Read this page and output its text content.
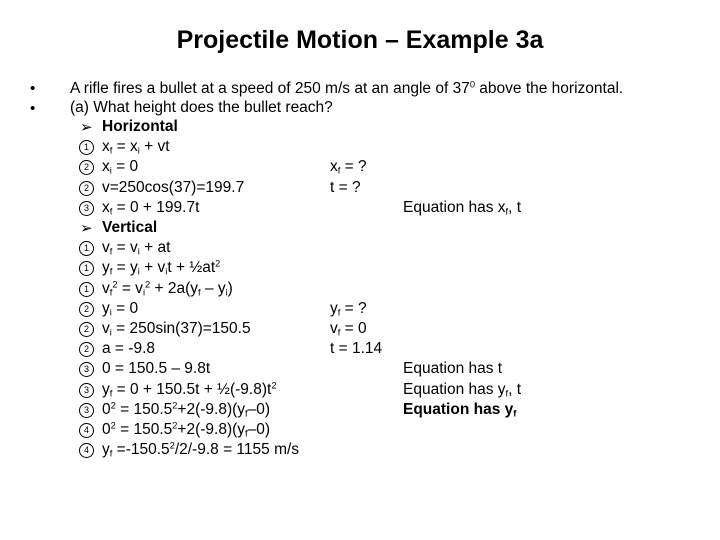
Projectile Motion – Example 3a
• A rifle fires a bullet at a speed of 250 m/s at an angle of $37^0$ above the horizontal.
• (a) What height does the bullet reach?
➢ Horizontal
1 $x_f = x_i$ + vt
2 $x_i = 0$	$x_f$ = ?
2 v=250cos(37)=199.7	t = ?
3 $x_f = 0 + 199.7t$	Equation has $x_f$, t
➢ Vertical
1 $v_f = v_i$ + at
1 $y_f = y_i + v_it$ + $\frac{1}{2}at^2$
1 $v_f^2 = v_i^2 + 2a(y_f - y_i)$
2 $y_i = 0$	$y_f$ = ?
2 $v_i = 250\sin(37)=150.5$	$v_f = 0$
2 a = -9.8	t = 1.14
3 0 = 150.5 – 9.8t	Equation has t
3 $y_f = 0 + 150.5t$ + $\frac{1}{2}(-9.8)t^2$	Equation has $y_f$, t
3 $0^2 = 150.5^2+2(-9.8)(y_f-0)$	Equation has $y_f$
4 $0^2 = 150.5^2+2(-9.8)(y_f-0)$
4 $y_f =-150.5^2/2/-9.8 = 1155$ m/s
